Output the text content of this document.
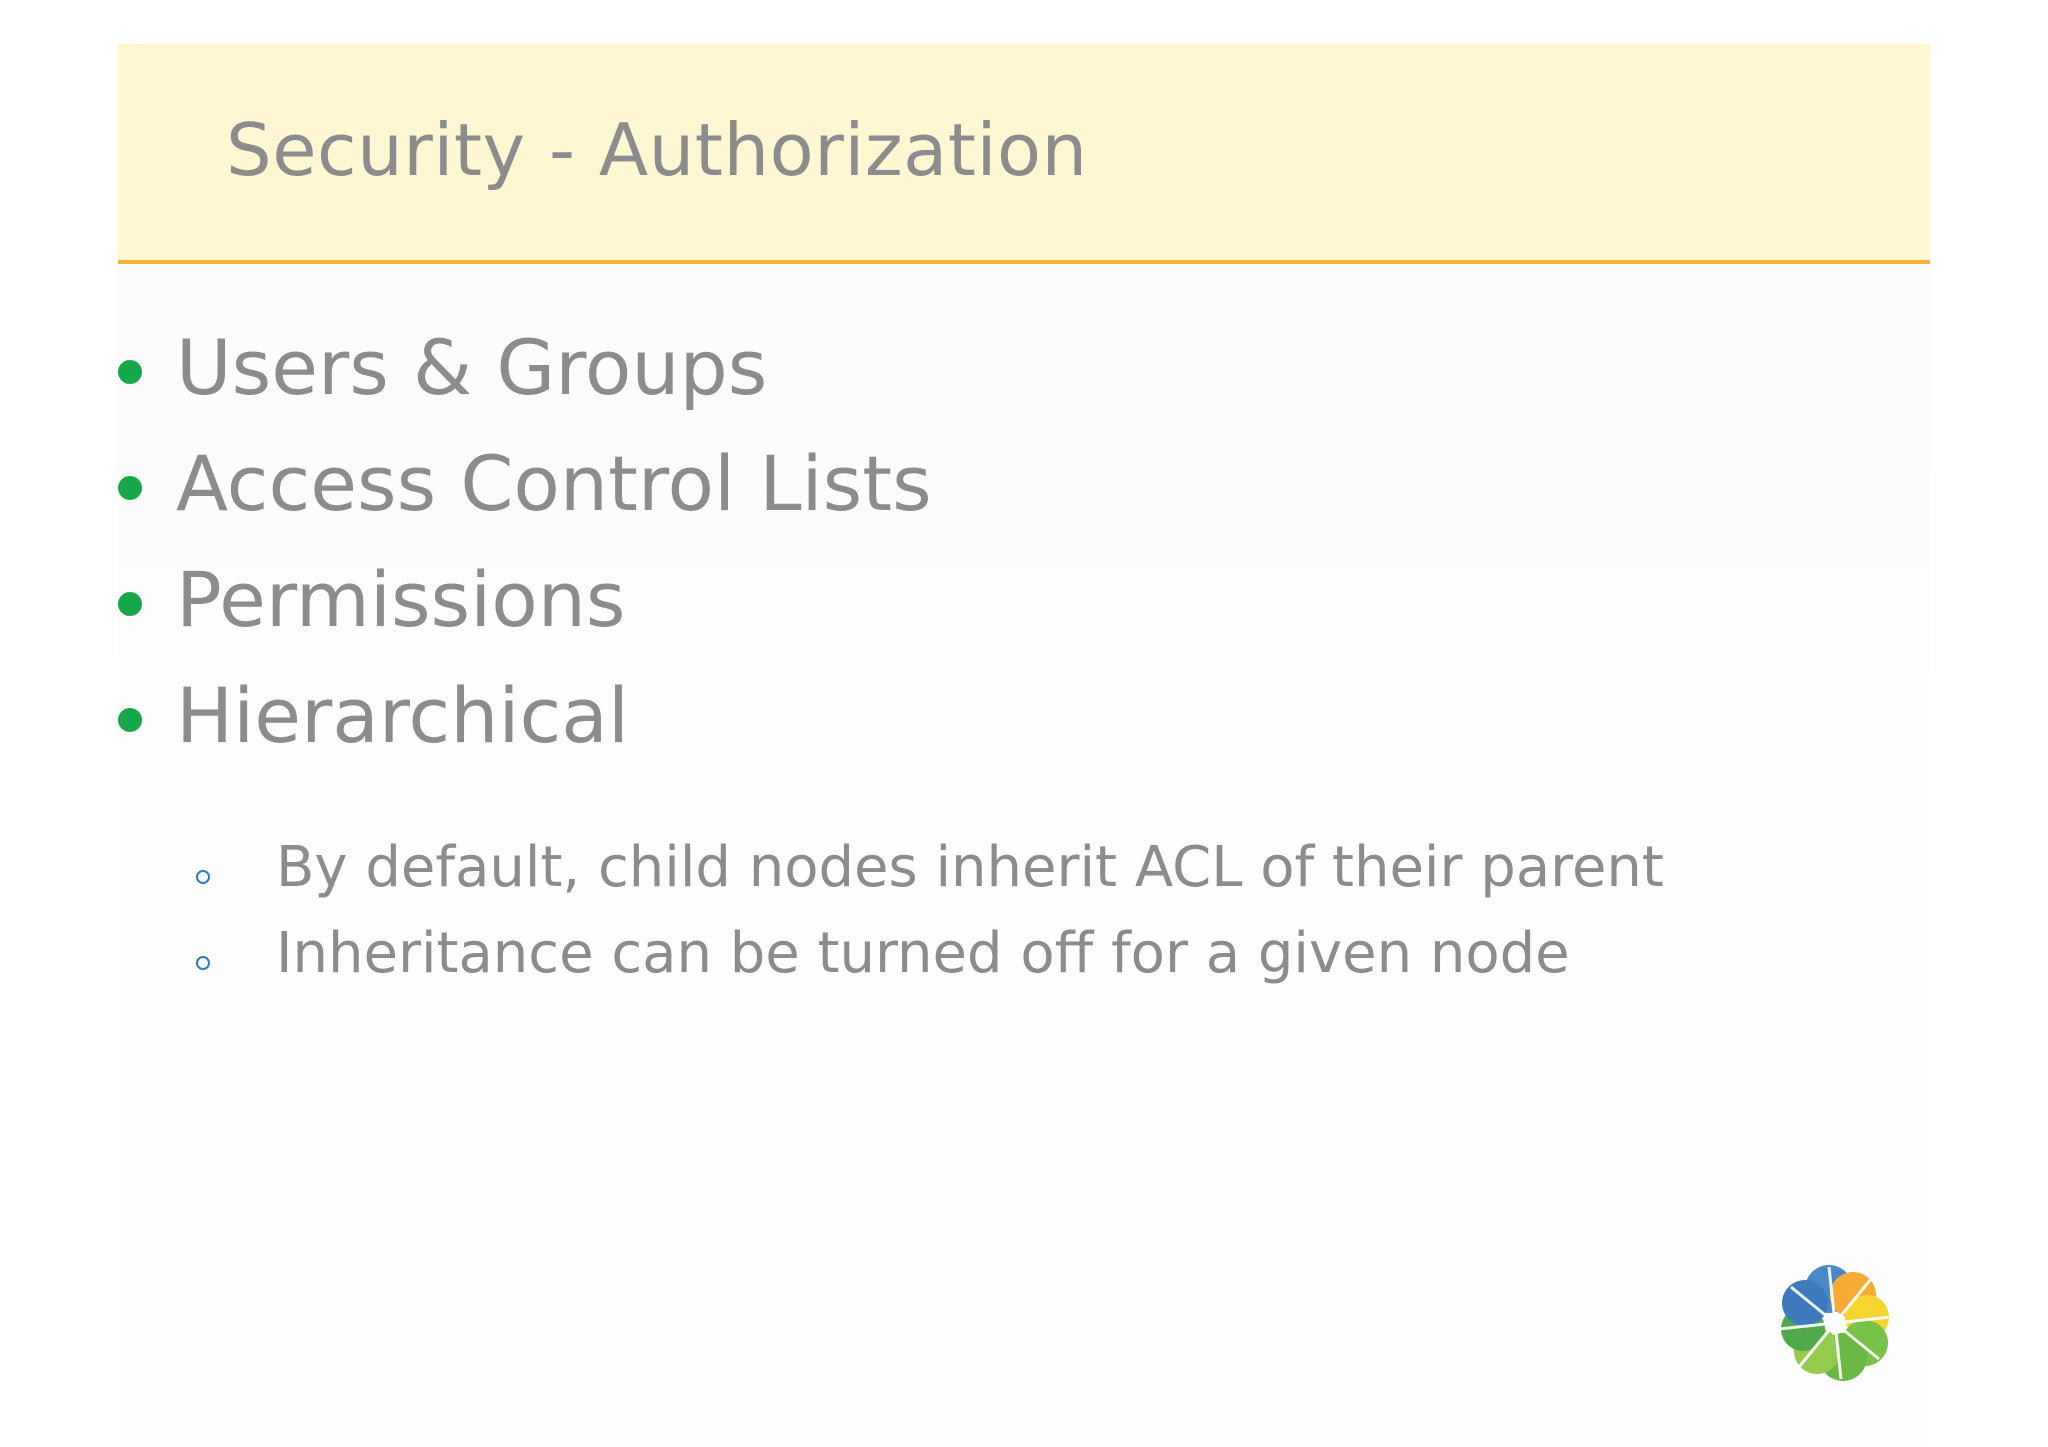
Security - Authorization
Users & Groups
Access Control Lists
Permissions
Hierarchical
By default, child nodes inherit ACL of their parent
Inheritance can be turned off for a given node
